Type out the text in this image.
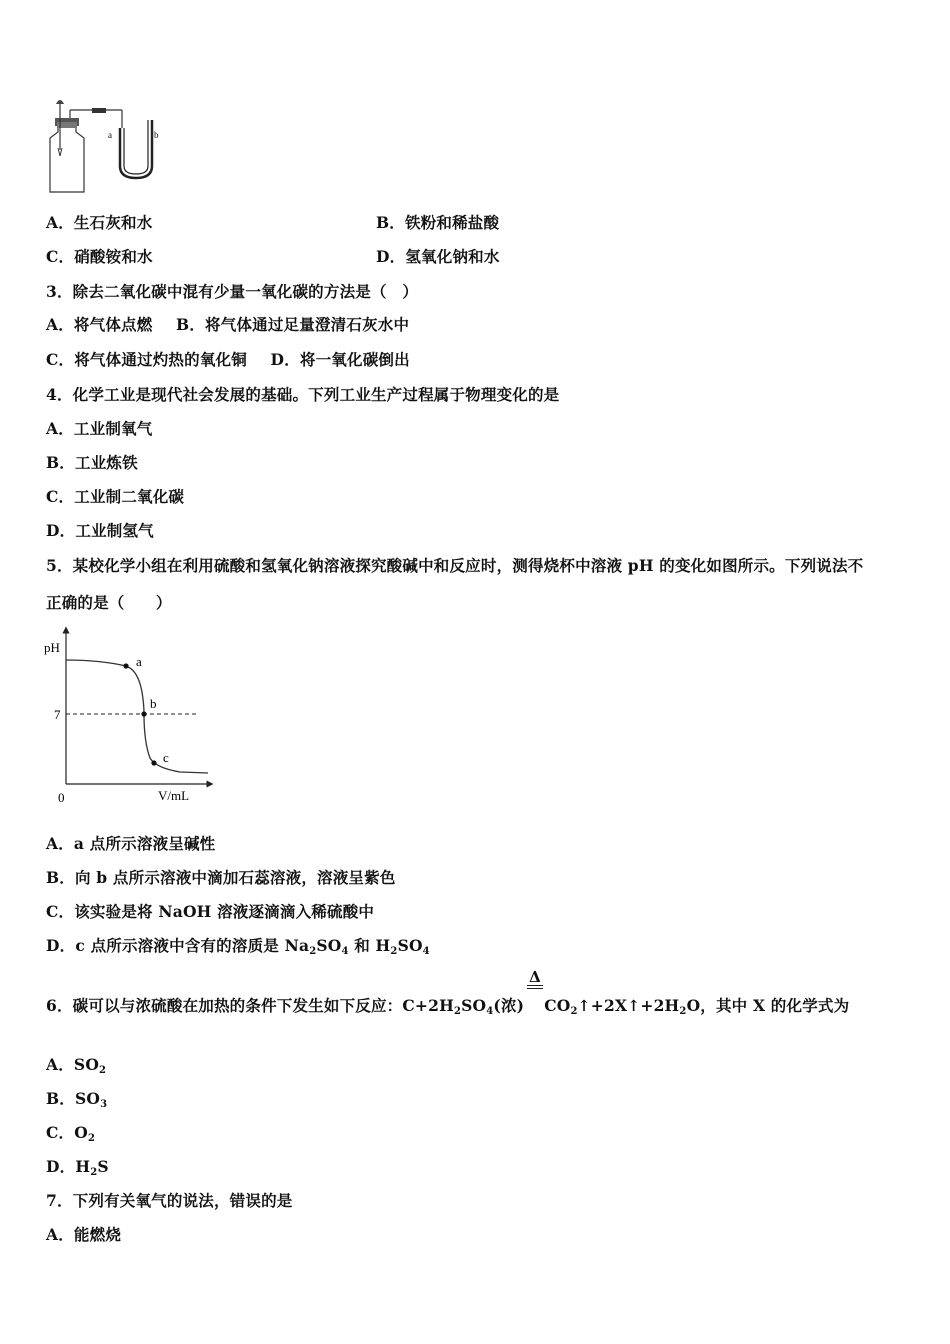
a	b
A．生石灰和水	B．铁粉和稀盐酸
C．硝酸铵和水	D．氢氧化钠和水
3．除去二氧化碳中混有少量一氧化碳的方法是（　）
A．将气体点燃 B．将气体通过足量澄清石灰水中
C．将气体通过灼热的氧化铜 D．将一氧化碳倒出
4．化学工业是现代社会发展的基础。下列工业生产过程属于物理变化的是
A．工业制氧气
B．工业炼铁
C．工业制二氧化碳
D．工业制氢气
5．某校化学小组在利用硫酸和氢氧化钠溶液探究酸碱中和反应时，测得烧杯中溶液 pH 的变化如图所示。下列说法不
正确的是（　　）
pH
V/mL
0
7
a
b
c
A．a 点所示溶液呈碱性
B．向 b 点所示溶液中滴加石蕊溶液，溶液呈紫色
C．该实验是将 NaOH 溶液逐滴滴入稀硫酸中
D．c 点所示溶液中含有的溶质是 $Na_2SO_4$ 和 $H_2SO_4$
Δ
6．碳可以与浓硫酸在加热的条件下发生如下反应：$C+2H_2SO_4$(浓) $CO_2↑+2X↑+2H_2O$，其中 X 的化学式为
A．$SO_2$
B．$SO_3$
C．$O_2$
D．$H_2S$
7．下列有关氧气的说法，错误的是
A．能燃烧
